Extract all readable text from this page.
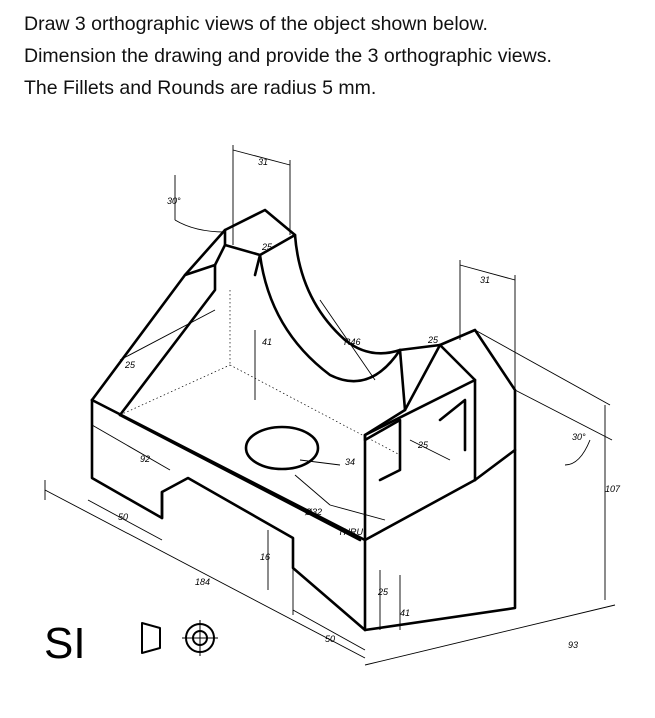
Draw 3 orthographic views of the object shown below.
Dimension the drawing and provide the 3 orthographic views.
The Fillets and Rounds are radius 5 mm.
31
30°
25
41	R46
25
31
25
30°
107
25
92
50
34
Ø32
THRU
16
184
50
25
41
93
SI
